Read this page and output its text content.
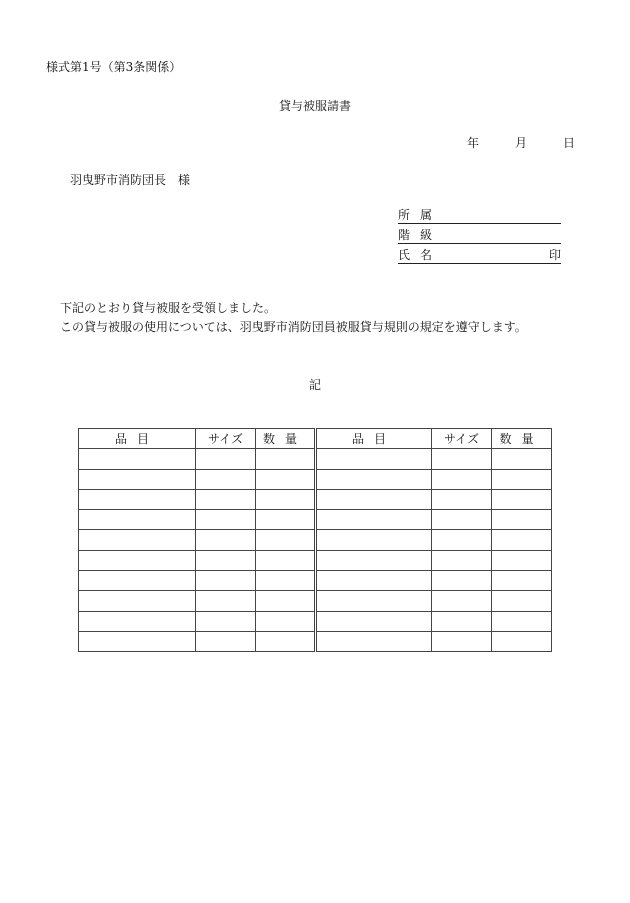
様式第1号（第3条関係）
貸与被服請書
年	月	日
羽曳野市消防団長　様
所属
階級
氏名	印
下記のとおり貸与被服を受領しました。
この貸与被服の使用については、羽曳野市消防団員被服貸与規則の規定を遵守します。
記
品目	サイズ	数量	品目	サイズ	数量
